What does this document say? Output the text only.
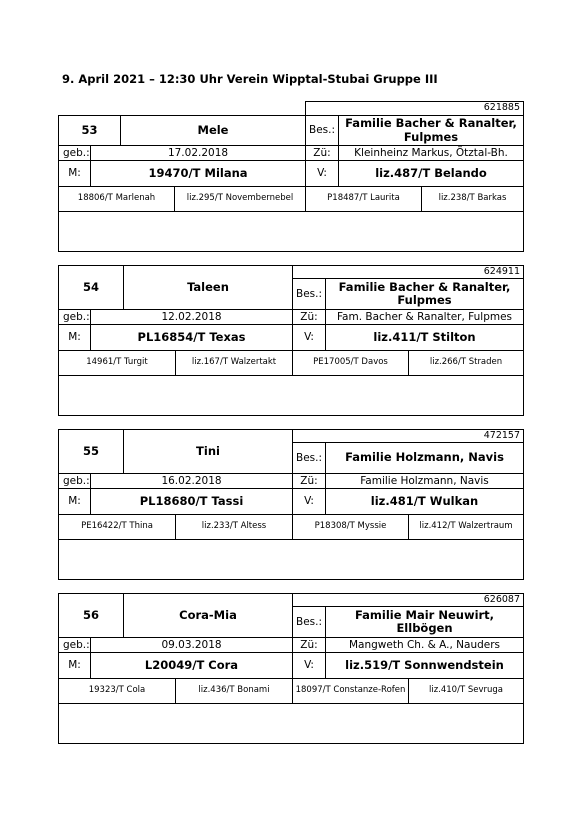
9. April 2021 – 12:30 Uhr Verein Wipptal-Stubai Gruppe III
53	Mele
621885
Bes.:
Familie Bacher & Ranalter, Fulpmes
geb.:	17.02.2018	Zü: Kleinheinz Markus, Ötztal-Bh.
M:	19470/T Milana	V:	liz.487/T Belando
18806/T Marlenah	liz.295/T Novembernebel	P18487/T Laurita	liz.238/T Barkas
54	Taleen
624911
Bes.:
Familie Bacher & Ranalter, Fulpmes
geb.:	12.02.2018	Zü: Fam. Bacher & Ranalter, Fulpmes
M:	PL16854/T Texas	V:	liz.411/T Stilton
14961/T Turgit	liz.167/T Walzertakt	PE17005/T Davos	liz.266/T Straden
55	Tini
472157
Bes.: Familie Holzmann, Navis
geb.:	16.02.2018	Zü:	Familie Holzmann, Navis
M:	PL18680/T Tassi	V:	liz.481/T Wulkan
PE16422/T Thina	liz.233/T Altess	P18308/T Myssie	liz.412/T Walzertraum
56	Cora-Mia
626087
Bes.:
Familie Mair Neuwirt, Ellbögen
geb.:	09.03.2018	Zü:	Mangweth Ch. & A., Nauders
M:	L20049/T Cora	V:	liz.519/T Sonnwendstein
19323/T Cola	liz.436/T Bonami	18097/T Constanze-Rofen	liz.410/T Sevruga
